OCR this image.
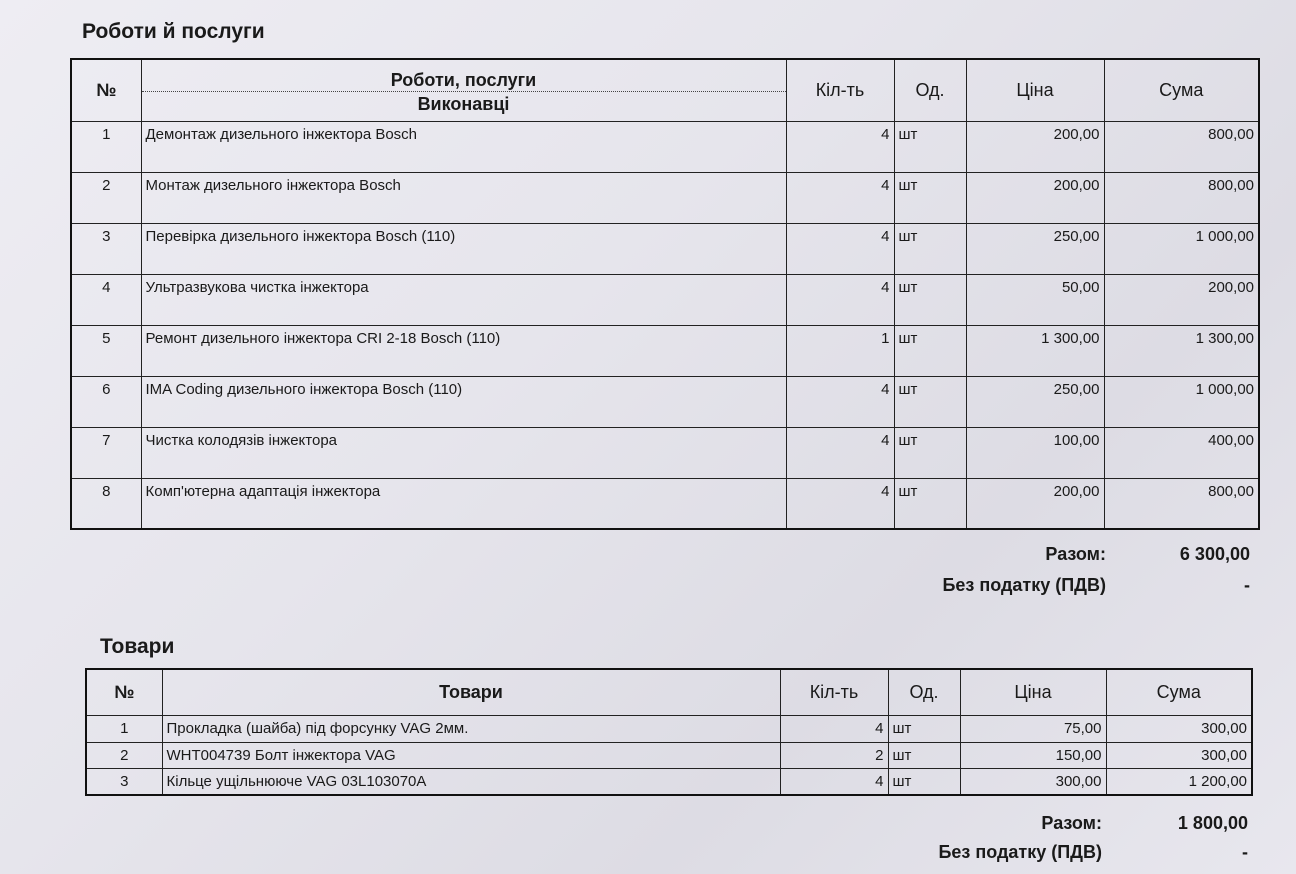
Роботи й послуги
№	Роботи, послуги
Виконавці	Кіл-ть	Од.	Ціна	Сума
1	Демонтаж дизельного інжектора Bosch	4	шт	200,00	800,00
2	Монтаж дизельного інжектора Bosch	4	шт	200,00	800,00
3	Перевірка дизельного інжектора Bosch (110)	4	шт	250,00	1 000,00
4	Ультразвукова чистка інжектора	4	шт	50,00	200,00
5	Ремонт дизельного інжектора CRI 2-18 Bosch (110)	1	шт	1 300,00	1 300,00
6	IMA Coding дизельного інжектора Bosch (110)	4	шт	250,00	1 000,00
7	Чистка колодязів інжектора	4	шт	100,00	400,00
8	Комп'ютерна адаптація інжектора	4	шт	200,00	800,00
Разом:	6 300,00
Без податку (ПДВ)	-
Товари
№	Товари	Кіл-ть	Од.	Ціна	Сума
1	Прокладка (шайба) під форсунку VAG 2мм.	4	шт	75,00	300,00
2	WHT004739 Болт інжектора VAG	2	шт	150,00	300,00
3	Кільце ущільнююче VAG 03L103070A	4	шт	300,00	1 200,00
Разом:	1 800,00
Без податку (ПДВ)	-
